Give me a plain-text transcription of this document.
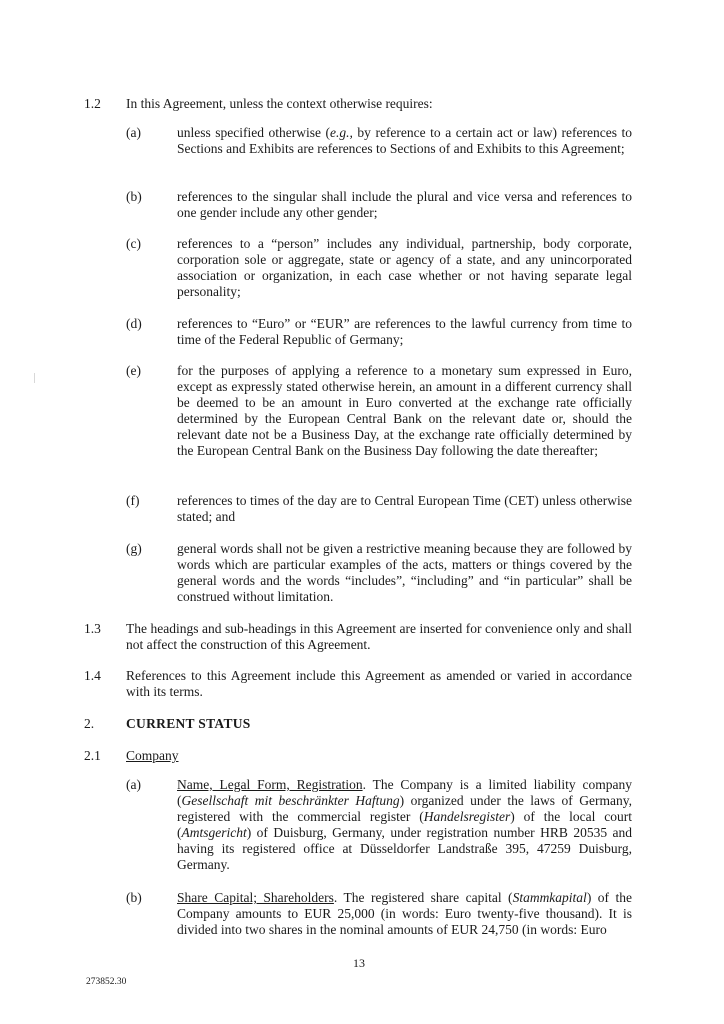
1.2 In this Agreement, unless the context otherwise requires:
(a)	unless specified otherwise (e.g., by reference to a certain act or law) references to Sections and Exhibits are references to Sections of and Exhibits to this Agreement;
(b)	references to the singular shall include the plural and vice versa and references to one gender include any other gender;
(c)	references to a “person” includes any individual, partnership, body corporate, corporation sole or aggregate, state or agency of a state, and any unincorporated association or organization, in each case whether or not having separate legal personality;
(d)	references to “Euro” or “EUR” are references to the lawful currency from time to time of the Federal Republic of Germany;
(e)	for the purposes of applying a reference to a monetary sum expressed in Euro, except as expressly stated otherwise herein, an amount in a different currency shall be deemed to be an amount in Euro converted at the exchange rate officially determined by the European Central Bank on the relevant date or, should the relevant date not be a Business Day, at the exchange rate officially determined by the European Central Bank on the Business Day following the date thereafter;
(f)	references to times of the day are to Central European Time (CET) unless otherwise stated; and
(g)	general words shall not be given a restrictive meaning because they are followed by words which are particular examples of the acts, matters or things covered by the general words and the words “includes”, “including” and “in particular” shall be construed without limitation.
1.3 The headings and sub-headings in this Agreement are inserted for convenience only and shall not affect the construction of this Agreement.
1.4 References to this Agreement include this Agreement as amended or varied in accordance with its terms.
2. CURRENT STATUS
2.1 Company
(a)	Name, Legal Form, Registration. The Company is a limited liability company (Gesellschaft mit beschränkter Haftung) organized under the laws of Germany, registered with the commercial register (Handelsregister) of the local court (Amtsgericht) of Duisburg, Germany, under registration number HRB 20535 and having its registered office at Düsseldorfer Landstraße 395, 47259 Duisburg, Germany.
(b)	Share Capital; Shareholders. The registered share capital (Stammkapital) of the Company amounts to EUR 25,000 (in words: Euro twenty-five thousand). It is divided into two shares in the nominal amounts of EUR 24,750 (in words: Euro
13
273852.30
